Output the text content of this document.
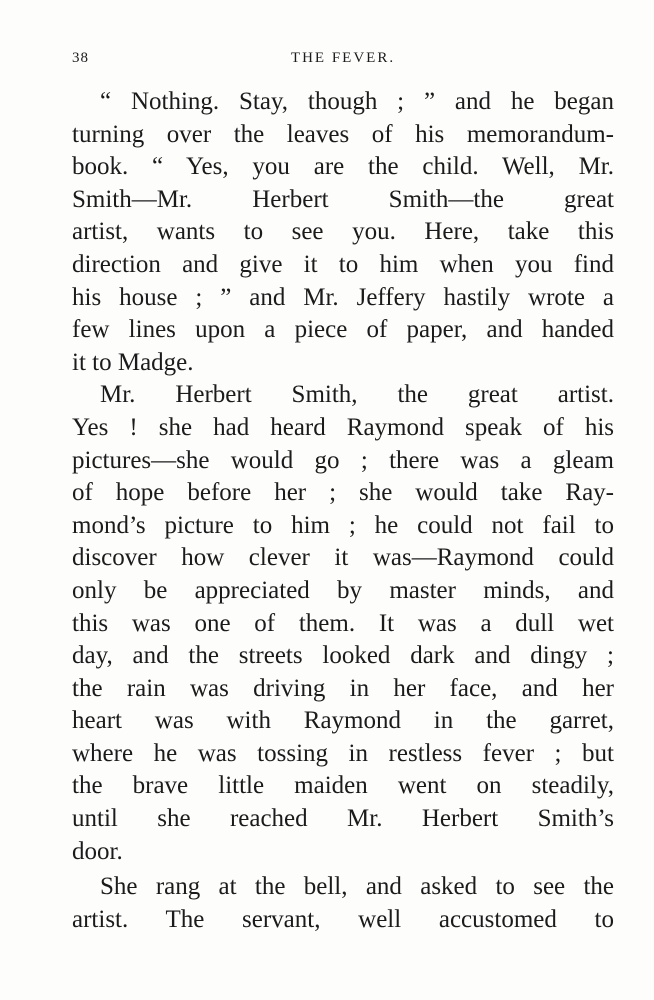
38	THE FEVER.
“ Nothing. Stay, though ; ” and he began
turning over the leaves of his memorandum-
book. “ Yes, you are the child. Well, Mr.
Smith—Mr. Herbert Smith—the great
artist, wants to see you. Here, take this
direction and give it to him when you find
his house ; ” and Mr. Jeffery hastily wrote a
few lines upon a piece of paper, and handed
it to Madge.
Mr. Herbert Smith, the great artist.
Yes ! she had heard Raymond speak of his
pictures—she would go ; there was a gleam
of hope before her ; she would take Ray-
mond’s picture to him ; he could not fail to
discover how clever it was—Raymond could
only be appreciated by master minds, and
this was one of them. It was a dull wet
day, and the streets looked dark and dingy ;
the rain was driving in her face, and her
heart was with Raymond in the garret,
where he was tossing in restless fever ; but
the brave little maiden went on steadily,
until she reached Mr. Herbert Smith’s
door.
She rang at the bell, and asked to see the
artist. The servant, well accustomed to
